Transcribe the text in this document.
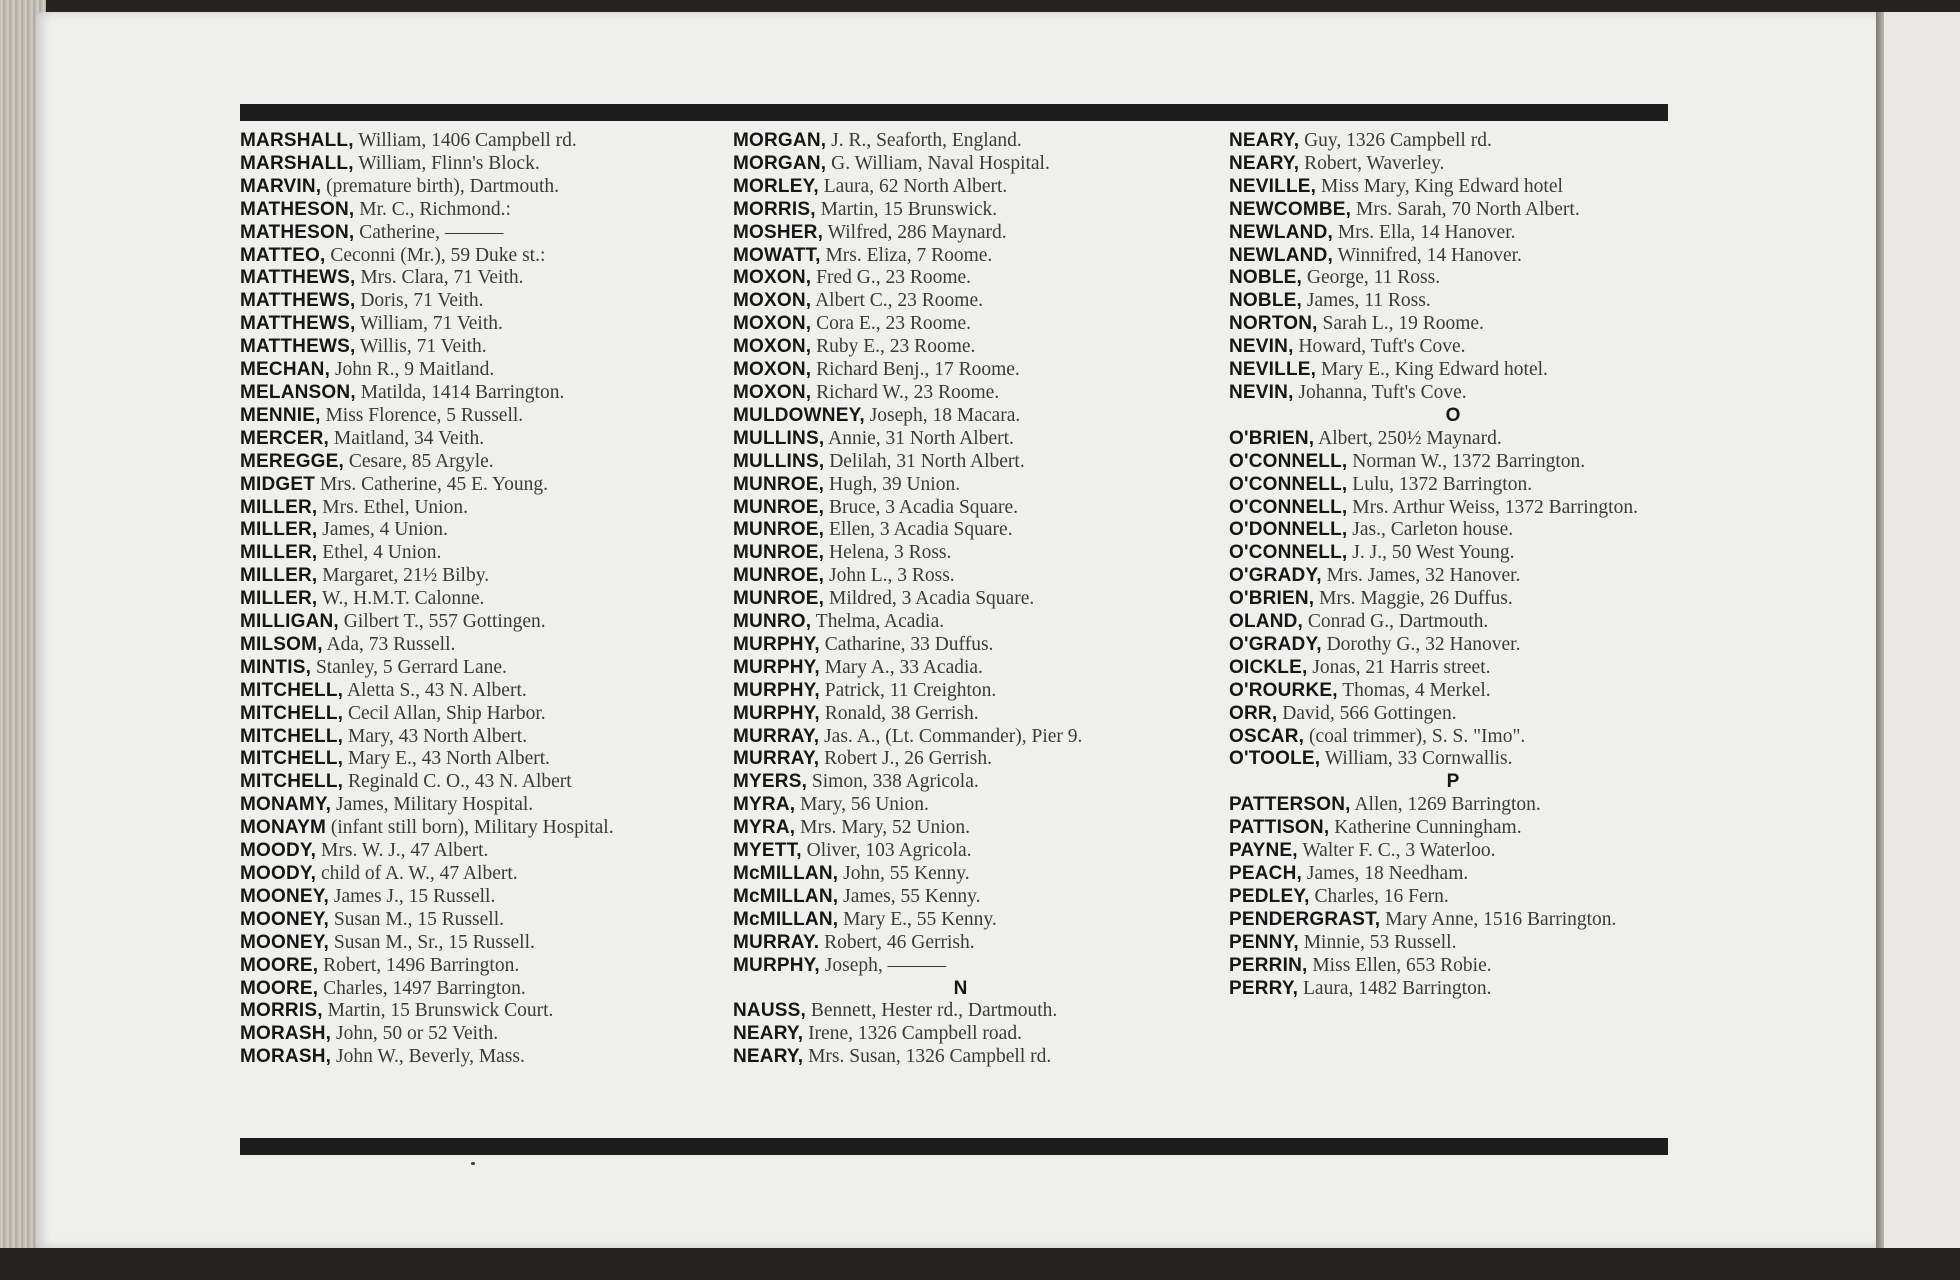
MARSHALL, William, 1406 Campbell rd.
MARSHALL, William, Flinn's Block.
MARVIN, (premature birth), Dartmouth.
MATHESON, Mr. C., Richmond.:
MATHESON, Catherine, ———
MATTEO, Ceconni (Mr.), 59 Duke st.:
MATTHEWS, Mrs. Clara, 71 Veith.
MATTHEWS, Doris, 71 Veith.
MATTHEWS, William, 71 Veith.
MATTHEWS, Willis, 71 Veith.
MECHAN, John R., 9 Maitland.
MELANSON, Matilda, 1414 Barrington.
MENNIE, Miss Florence, 5 Russell.
MERCER, Maitland, 34 Veith.
MEREGGE, Cesare, 85 Argyle.
MIDGET Mrs. Catherine, 45 E. Young.
MILLER, Mrs. Ethel, Union.
MILLER, James, 4 Union.
MILLER, Ethel, 4 Union.
MILLER, Margaret, 21½ Bilby.
MILLER, W., H.M.T. Calonne.
MILLIGAN, Gilbert T., 557 Gottingen.
MILSOM, Ada, 73 Russell.
MINTIS, Stanley, 5 Gerrard Lane.
MITCHELL, Aletta S., 43 N. Albert.
MITCHELL, Cecil Allan, Ship Harbor.
MITCHELL, Mary, 43 North Albert.
MITCHELL, Mary E., 43 North Albert.
MITCHELL, Reginald C. O., 43 N. Albert
MONAMY, James, Military Hospital.
MONAYM (infant still born), Military Hospital.
MOODY, Mrs. W. J., 47 Albert.
MOODY, child of A. W., 47 Albert.
MOONEY, James J., 15 Russell.
MOONEY, Susan M., 15 Russell.
MOONEY, Susan M., Sr., 15 Russell.
MOORE, Robert, 1496 Barrington.
MOORE, Charles, 1497 Barrington.
MORRIS, Martin, 15 Brunswick Court.
MORASH, John, 50 or 52 Veith.
MORASH, John W., Beverly, Mass.
MORGAN, J. R., Seaforth, England.
MORGAN, G. William, Naval Hospital.
MORLEY, Laura, 62 North Albert.
MORRIS, Martin, 15 Brunswick.
MOSHER, Wilfred, 286 Maynard.
MOWATT, Mrs. Eliza, 7 Roome.
MOXON, Fred G., 23 Roome.
MOXON, Albert C., 23 Roome.
MOXON, Cora E., 23 Roome.
MOXON, Ruby E., 23 Roome.
MOXON, Richard Benj., 17 Roome.
MOXON, Richard W., 23 Roome.
MULDOWNEY, Joseph, 18 Macara.
MULLINS, Annie, 31 North Albert.
MULLINS, Delilah, 31 North Albert.
MUNROE, Hugh, 39 Union.
MUNROE, Bruce, 3 Acadia Square.
MUNROE, Ellen, 3 Acadia Square.
MUNROE, Helena, 3 Ross.
MUNROE, John L., 3 Ross.
MUNROE, Mildred, 3 Acadia Square.
MUNRO, Thelma, Acadia.
MURPHY, Catharine, 33 Duffus.
MURPHY, Mary A., 33 Acadia.
MURPHY, Patrick, 11 Creighton.
MURPHY, Ronald, 38 Gerrish.
MURRAY, Jas. A., (Lt. Commander), Pier 9.
MURRAY, Robert J., 26 Gerrish.
MYERS, Simon, 338 Agricola.
MYRA, Mary, 56 Union.
MYRA, Mrs. Mary, 52 Union.
MYETT, Oliver, 103 Agricola.
McMILLAN, John, 55 Kenny.
McMILLAN, James, 55 Kenny.
McMILLAN, Mary E., 55 Kenny.
MURRAY. Robert, 46 Gerrish.
MURPHY, Joseph, ———
N
NAUSS, Bennett, Hester rd., Dartmouth.
NEARY, Irene, 1326 Campbell road.
NEARY, Mrs. Susan, 1326 Campbell rd.
NEARY, Guy, 1326 Campbell rd.
NEARY, Robert, Waverley.
NEVILLE, Miss Mary, King Edward hotel
NEWCOMBE, Mrs. Sarah, 70 North Albert.
NEWLAND, Mrs. Ella, 14 Hanover.
NEWLAND, Winnifred, 14 Hanover.
NOBLE, George, 11 Ross.
NOBLE, James, 11 Ross.
NORTON, Sarah L., 19 Roome.
NEVIN, Howard, Tuft's Cove.
NEVILLE, Mary E., King Edward hotel.
NEVIN, Johanna, Tuft's Cove.
O
O'BRIEN, Albert, 250½ Maynard.
O'CONNELL, Norman W., 1372 Barrington.
O'CONNELL, Lulu, 1372 Barrington.
O'CONNELL, Mrs. Arthur Weiss, 1372 Barrington.
O'DONNELL, Jas., Carleton house.
O'CONNELL, J. J., 50 West Young.
O'GRADY, Mrs. James, 32 Hanover.
O'BRIEN, Mrs. Maggie, 26 Duffus.
OLAND, Conrad G., Dartmouth.
O'GRADY, Dorothy G., 32 Hanover.
OICKLE, Jonas, 21 Harris street.
O'ROURKE, Thomas, 4 Merkel.
ORR, David, 566 Gottingen.
OSCAR, (coal trimmer), S. S. "Imo".
O'TOOLE, William, 33 Cornwallis.
P
PATTERSON, Allen, 1269 Barrington.
PATTISON, Katherine Cunningham.
PAYNE, Walter F. C., 3 Waterloo.
PEACH, James, 18 Needham.
PEDLEY, Charles, 16 Fern.
PENDERGRAST, Mary Anne, 1516 Barrington.
PENNY, Minnie, 53 Russell.
PERRIN, Miss Ellen, 653 Robie.
PERRY, Laura, 1482 Barrington.
